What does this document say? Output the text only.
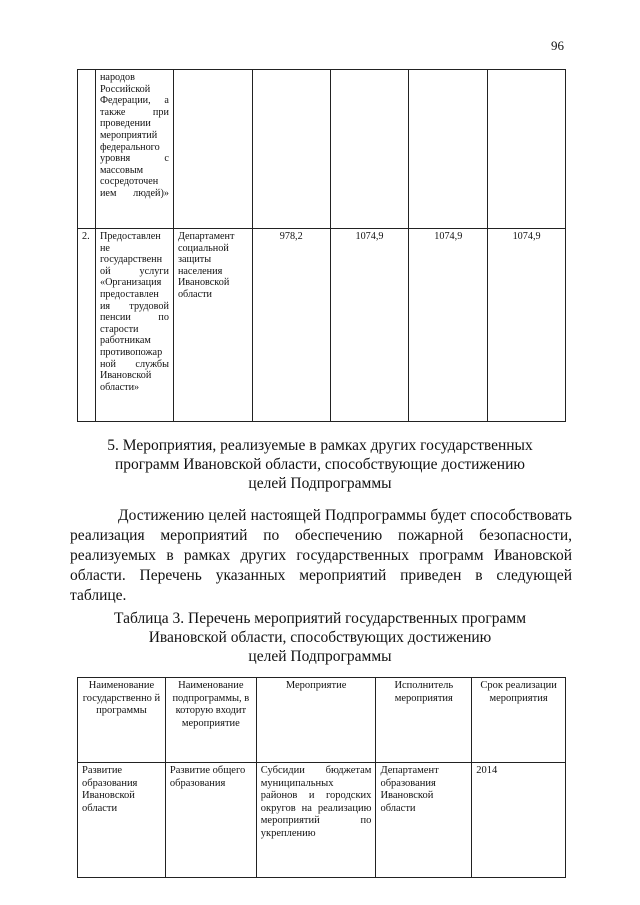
96
	народов Российской Федерации, а также при проведении мероприятий федерального уровня с массовым сосредоточен ием людей)»					
2.	Предоставлен не государственн ой услуги «Организация предоставлен ия трудовой пенсии по старости работникам противопожар ной службы Ивановской области»	Департамент социальной защиты населения Ивановской области	978,2	1074,9	1074,9	1074,9
5. Мероприятия, реализуемые в рамках других государственных
программ Ивановской области, способствующие достижению
целей Подпрограммы
Достижению целей настоящей Подпрограммы будет способствовать реализация мероприятий по обеспечению пожарной безопасности, реализуемых в рамках других государственных программ Ивановской области. Перечень указанных мероприятий приведен в следующей таблице.
Таблица 3. Перечень мероприятий государственных программ
Ивановской области, способствующих достижению
целей Подпрограммы
Наименование государственно й программы	Наименование подпрограммы, в которую входит мероприятие	Мероприятие	Исполнитель мероприятия	Срок реализации мероприятия
Развитие образования Ивановской области	Развитие общего образования	Субсидии бюджетам муниципальных районов и городских округов на реализацию мероприятий по укреплению	Департамент образования Ивановской области	2014
